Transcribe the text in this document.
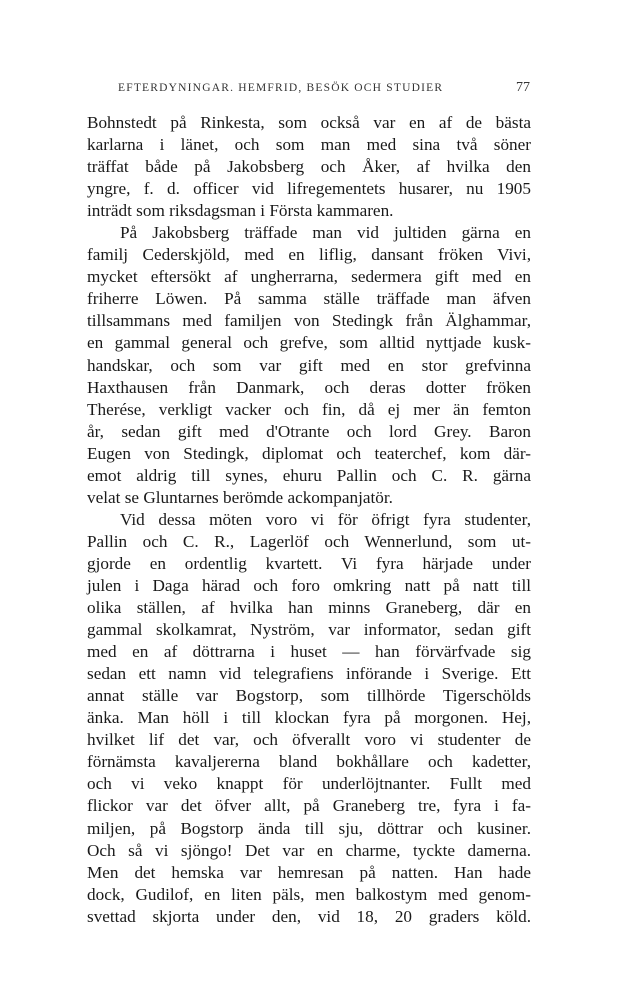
EFTERDYNINGAR. HEMFRID, BESÖK OCH STUDIER	77
Bohnstedt på Rinkesta, som också var en af de bästa
karlarna i länet, och som man med sina två söner
träffat både på Jakobsberg och Åker, af hvilka den
yngre, f. d. officer vid lifregementets husarer, nu 1905
inträdt som riksdagsman i Första kammaren.
På Jakobsberg träffade man vid jultiden gärna en
familj Cederskjöld, med en liflig, dansant fröken Vivi,
mycket eftersökt af ungherrarna, sedermera gift med en
friherre Löwen. På samma ställe träffade man äfven
tillsammans med familjen von Stedingk från Älghammar,
en gammal general och grefve, som alltid nyttjade kusk-
handskar, och som var gift med en stor grefvinna
Haxthausen från Danmark, och deras dotter fröken
Therése, verkligt vacker och fin, då ej mer än femton
år, sedan gift med d'Otrante och lord Grey. Baron
Eugen von Stedingk, diplomat och teaterchef, kom där-
emot aldrig till synes, ehuru Pallin och C. R. gärna
velat se Gluntarnes berömde ackompanjatör.
Vid dessa möten voro vi för öfrigt fyra studenter,
Pallin och C. R., Lagerlöf och Wennerlund, som ut-
gjorde en ordentlig kvartett. Vi fyra härjade under
julen i Daga härad och foro omkring natt på natt till
olika ställen, af hvilka han minns Graneberg, där en
gammal skolkamrat, Nyström, var informator, sedan gift
med en af döttrarna i huset — han förvärfvade sig
sedan ett namn vid telegrafiens införande i Sverige. Ett
annat ställe var Bogstorp, som tillhörde Tigerschölds
änka. Man höll i till klockan fyra på morgonen. Hej,
hvilket lif det var, och öfverallt voro vi studenter de
förnämsta kavaljererna bland bokhållare och kadetter,
och vi veko knappt för underlöjtnanter. Fullt med
flickor var det öfver allt, på Graneberg tre, fyra i fa-
miljen, på Bogstorp ända till sju, döttrar och kusiner.
Och så vi sjöngo! Det var en charme, tyckte damerna.
Men det hemska var hemresan på natten. Han hade
dock, Gudilof, en liten päls, men balkostym med genom-
svettad skjorta under den, vid 18, 20 graders köld.
